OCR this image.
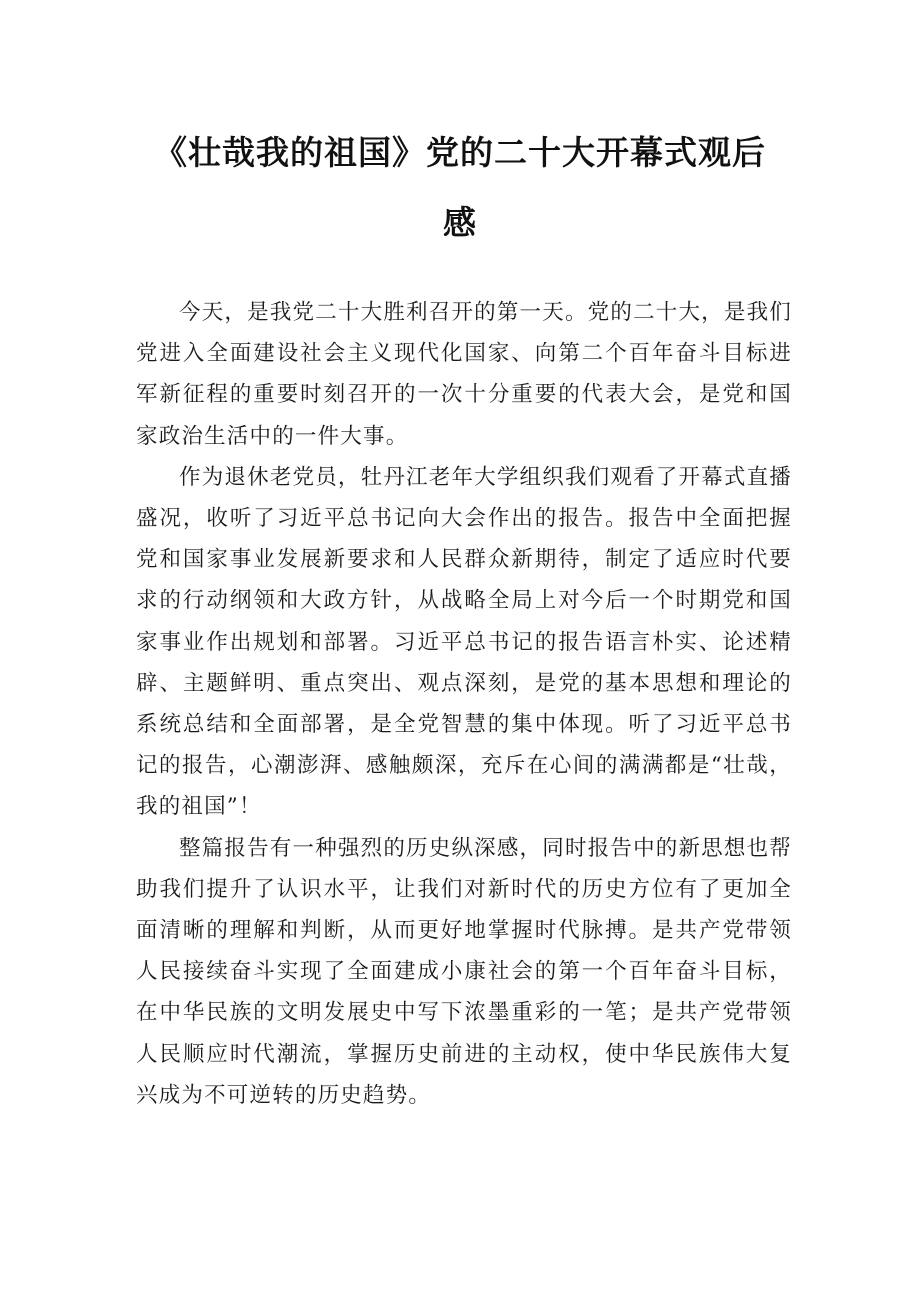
《壮哉我的祖国》党的二十大开幕式观后
感

今天，是我党二十大胜利召开的第一天。党的二十大，是我们党进入全面建设社会主义现代化国家、向第二个百年奋斗目标进军新征程的重要时刻召开的一次十分重要的代表大会，是党和国家政治生活中的一件大事。

作为退休老党员，牡丹江老年大学组织我们观看了开幕式直播盛况，收听了习近平总书记向大会作出的报告。报告中全面把握党和国家事业发展新要求和人民群众新期待，制定了适应时代要求的行动纲领和大政方针，从战略全局上对今后一个时期党和国家事业作出规划和部署。习近平总书记的报告语言朴实、论述精辟、主题鲜明、重点突出、观点深刻，是党的基本思想和理论的系统总结和全面部署，是全党智慧的集中体现。听了习近平总书记的报告，心潮澎湃、感触颇深，充斥在心间的满满都是“壮哉，我的祖国”！

整篇报告有一种强烈的历史纵深感，同时报告中的新思想也帮助我们提升了认识水平，让我们对新时代的历史方位有了更加全面清晰的理解和判断，从而更好地掌握时代脉搏。是共产党带领人民接续奋斗实现了全面建成小康社会的第一个百年奋斗目标，在中华民族的文明发展史中写下浓墨重彩的一笔；是共产党带领人民顺应时代潮流，掌握历史前进的主动权，使中华民族伟大复兴成为不可逆转的历史趋势。
